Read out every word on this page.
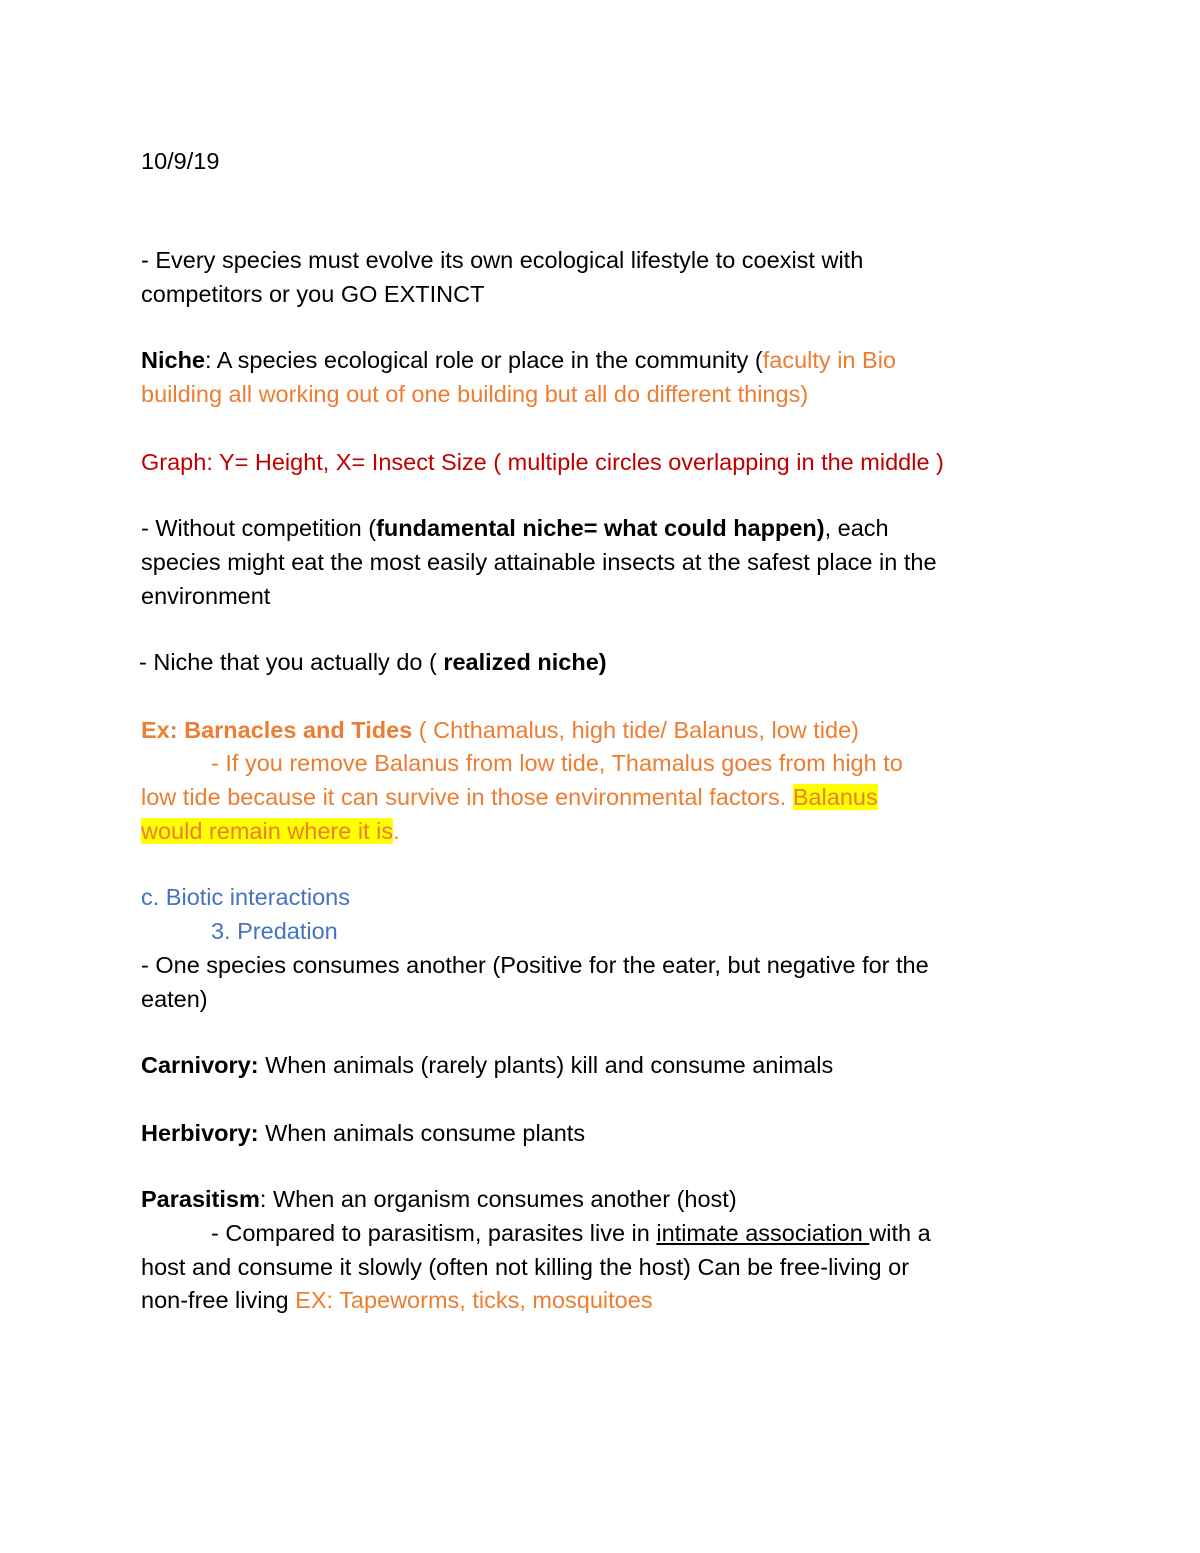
10/9/19
- Every species must evolve its own ecological lifestyle to coexist with
competitors or you GO EXTINCT
Niche: A species ecological role or place in the community (faculty in Bio
building all working out of one building but all do different things)
Graph: Y= Height, X= Insect Size ( multiple circles overlapping in the middle )
- Without competition (fundamental niche= what could happen), each
species might eat the most easily attainable insects at the safest place in the
environment
- Niche that you actually do ( realized niche)
Ex: Barnacles and Tides ( Chthamalus, high tide/ Balanus, low tide)
- If you remove Balanus from low tide, Thamalus goes from high to
low tide because it can survive in those environmental factors. Balanus
would remain where it is.
c. Biotic interactions
3. Predation
- One species consumes another (Positive for the eater, but negative for the
eaten)
Carnivory: When animals (rarely plants) kill and consume animals
Herbivory: When animals consume plants
Parasitism: When an organism consumes another (host)
- Compared to parasitism, parasites live in intimate association with a
host and consume it slowly (often not killing the host) Can be free-living or
non-free living EX: Tapeworms, ticks, mosquitoes
